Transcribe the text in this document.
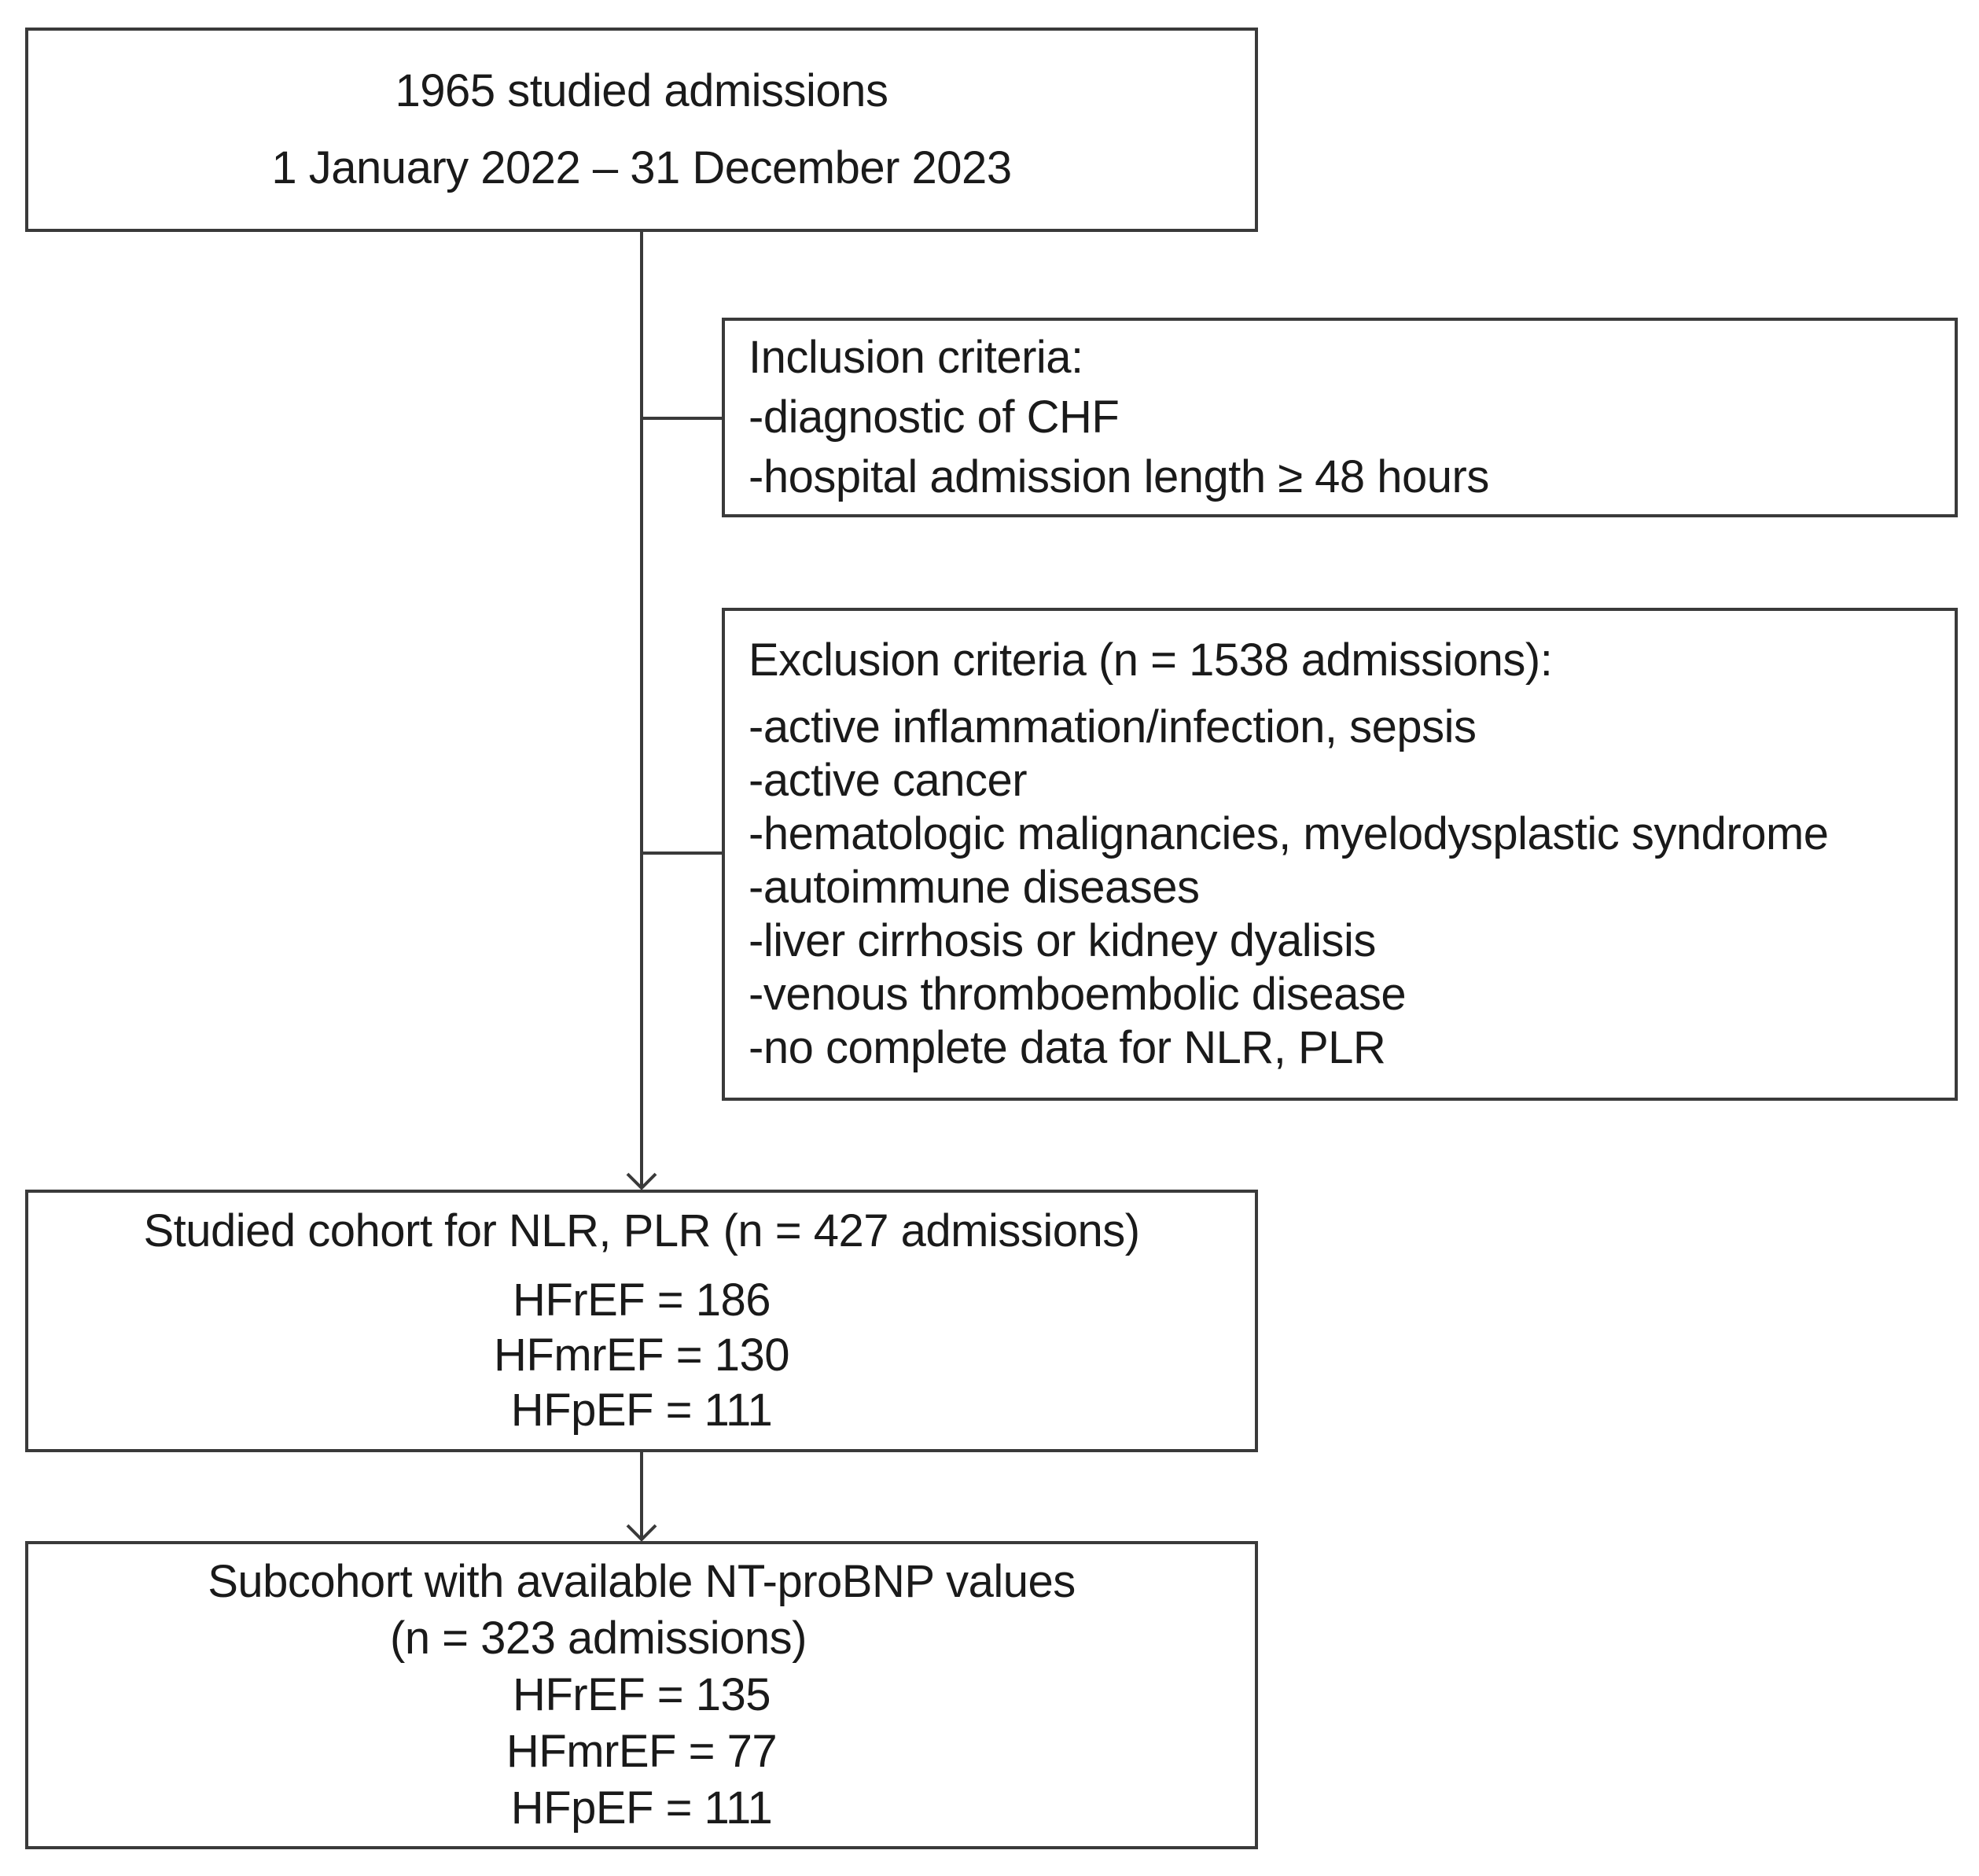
1965 studied admissions
1 January 2022 – 31 December 2023
Inclusion criteria:
-diagnostic of CHF
-hospital admission length ≥ 48 hours
Exclusion criteria (n = 1538 admissions):
-active inflammation/infection, sepsis
-active cancer
-hematologic malignancies, myelodysplastic syndrome
-autoimmune diseases
-liver cirrhosis or kidney dyalisis
-venous thromboembolic disease
-no complete data for NLR, PLR
Studied cohort for NLR, PLR (n = 427 admissions)
HFrEF = 186
HFmrEF = 130
HFpEF = 111
Subcohort with available NT-proBNP values
(n = 323 admissions)
HFrEF = 135
HFmrEF = 77
HFpEF = 111
